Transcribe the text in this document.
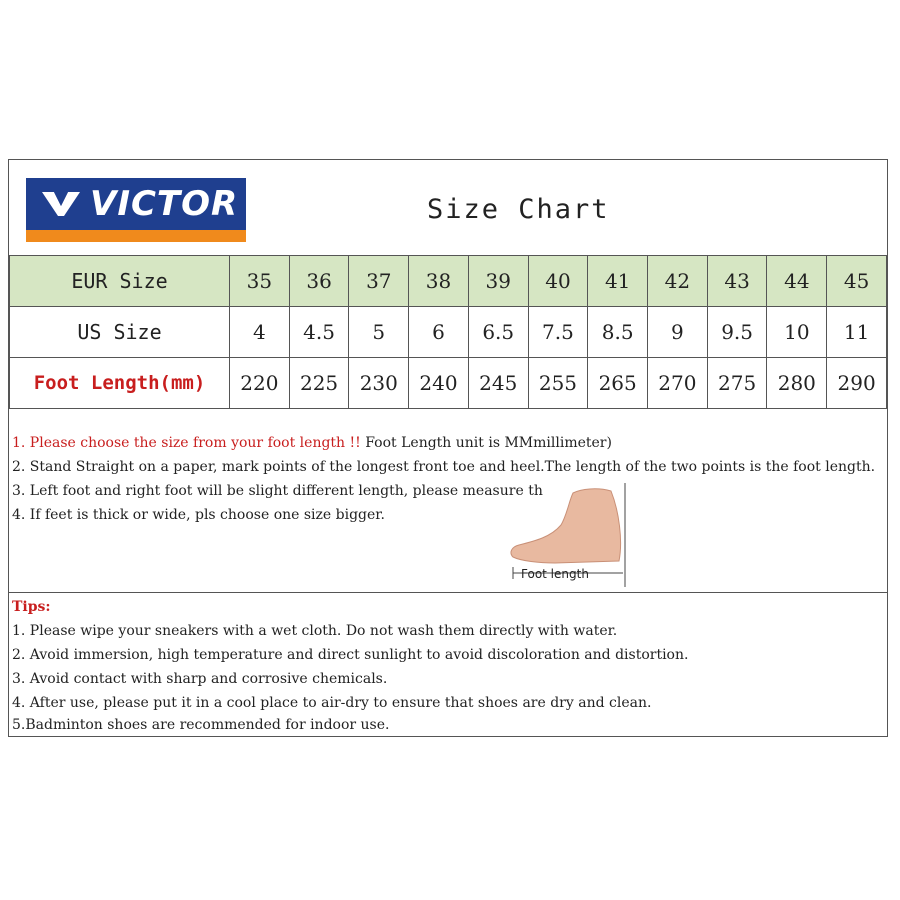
VICTOR	Size Chart
EUR Size	35	36	37	38	39	40	41	42	43	44	45
US Size	4	4.5	5	6	6.5	7.5	8.5	9	9.5	10	11
Foot Length(mm)	220	225	230	240	245	255	265	270	275	280	290
1. Please choose the size from your foot length !! Foot Length unit is MMmillimeter)
2. Stand Straight on a paper, mark points of the longest front toe and heel.The length of the two points is the foot length.
3. Left foot and right foot will be slight different length, please measure th
4. If feet is thick or wide, pls choose one size bigger.
Foot length
Tips:
1. Please wipe your sneakers with a wet cloth. Do not wash them directly with water.
2. Avoid immersion, high temperature and direct sunlight to avoid discoloration and distortion.
3. Avoid contact with sharp and corrosive chemicals.
4. After use, please put it in a cool place to air-dry to ensure that shoes are dry and clean.
5.Badminton shoes are recommended for indoor use.
